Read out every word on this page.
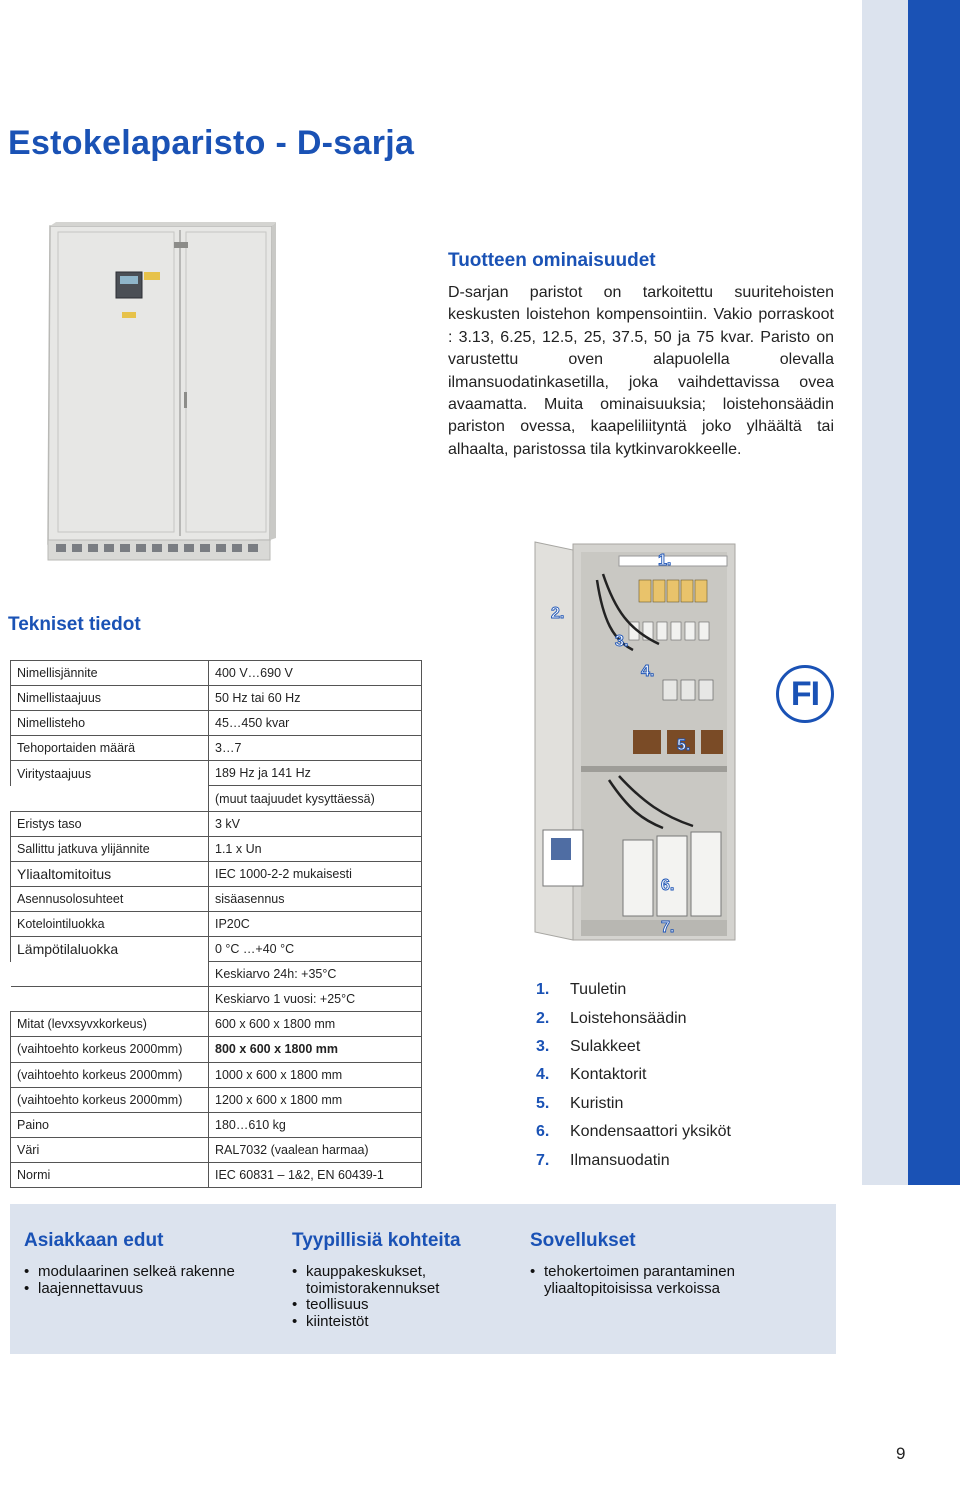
Estokelaparisto - D-sarja
Tuotteen ominaisuudet

D-sarjan paristot on tarkoitettu suuritehoisten keskusten loistehon kompensointiin. Vakio porraskoot : 3.13, 6.25, 12.5, 25, 37.5, 50 ja 75 kvar. Paristo on varustettu oven alapuolella olevalla ilmansuodatinkasetilla, joka vaihdettavissa ovea avaamatta. Muita ominaisuuksia; loistehonsäädin pariston ovessa, kaapeliliityntä joko ylhäältä tai alhaalta, paristossa tila kytkinvarokkeelle.

Tekniset tiedot
1.
2.
3.
4.
5.
6.
7.
FI
Nimellisjännite	400 V…690 V
Nimellistaajuus	50 Hz tai 60 Hz
Nimellisteho	45…450 kvar
Tehoportaiden määrä	3…7
Viritystaajuus	189 Hz ja 141 Hz
	(muut taajuudet kysyttäessä)
Eristys taso	3 kV
Sallittu jatkuva ylijännite	1.1 x Un
Yliaaltomitoitus	IEC 1000-2-2 mukaisesti
Asennusolosuhteet	sisäasennus
Kotelointiluokka	IP20C
Lämpötilaluokka	0 °C …+40 °C
	Keskiarvo 24h: +35°C
	Keskiarvo 1 vuosi: +25°C
Mitat (levxsyvxkorkeus)	600 x 600 x 1800 mm
(vaihtoehto korkeus 2000mm)	800 x 600 x 1800 mm
(vaihtoehto korkeus 2000mm)	1000 x 600 x 1800 mm
(vaihtoehto korkeus 2000mm)	1200 x 600 x 1800 mm
Paino	180…610 kg
Väri	RAL7032 (vaalean harmaa)
Normi	IEC 60831 – 1&2, EN 60439-1
1.	Tuuletin
2.	Loistehonsäädin
3.	Sulakkeet
4.	Kontaktorit
5.	Kuristin
6.	Kondensaattori yksiköt
7.	Ilmansuodatin
Asiakkaan edut
• modulaarinen selkeä rakenne
• laajennettavuus
Tyypillisiä kohteita
• kauppakeskukset,
toimistorakennukset
• teollisuus
• kiinteistöt
Sovellukset
• tehokertoimen parantaminen
yliaaltopitoisissa verkoissa
9
